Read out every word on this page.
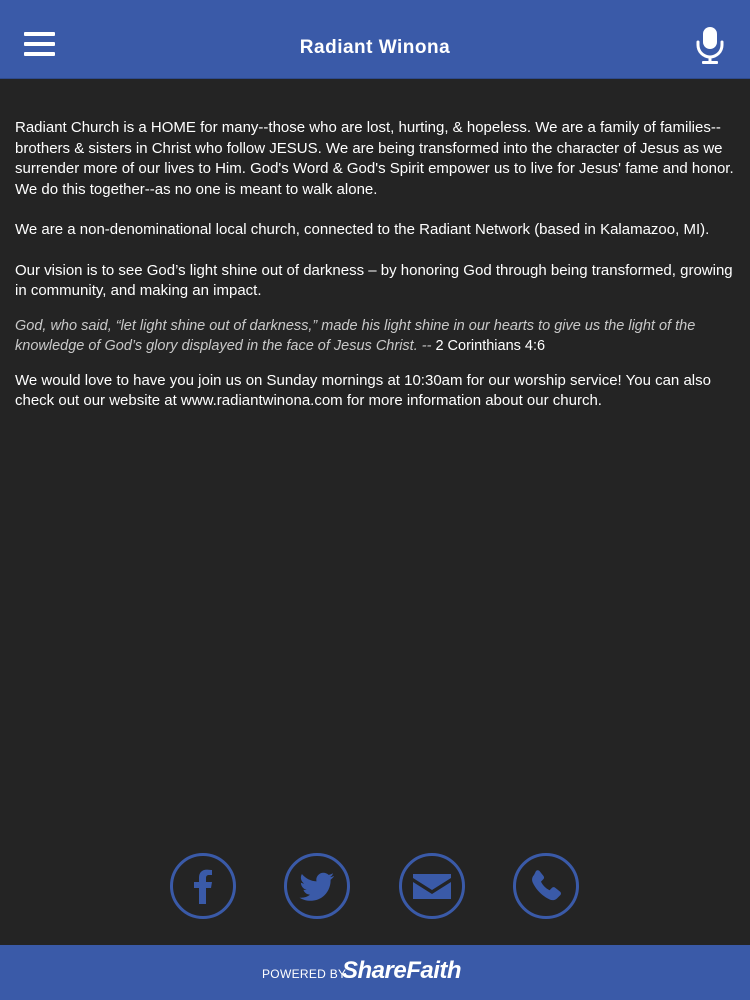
Radiant Winona

Radiant Church is a HOME for many--those who are lost, hurting, & hopeless. We are a family of families--brothers & sisters in Christ who follow JESUS. We are being transformed into the character of Jesus as we surrender more of our lives to Him. God's Word & God's Spirit empower us to live for Jesus' fame and honor. We do this together--as no one is meant to walk alone.

We are a non-denominational local church, connected to the Radiant Network (based in Kalamazoo, MI).

Our vision is to see God’s light shine out of darkness – by honoring God through being transformed, growing in community, and making an impact.

God, who said, “let light shine out of darkness,” made his light shine in our hearts to give us the light of the knowledge of God’s glory displayed in the face of Jesus Christ. -- 2 Corinthians 4:6

We would love to have you join us on Sunday mornings at 10:30am for our worship service! You can also check out our website at www.radiantwinona.com for more information about our church.

POWERED BY
ShareFaith
